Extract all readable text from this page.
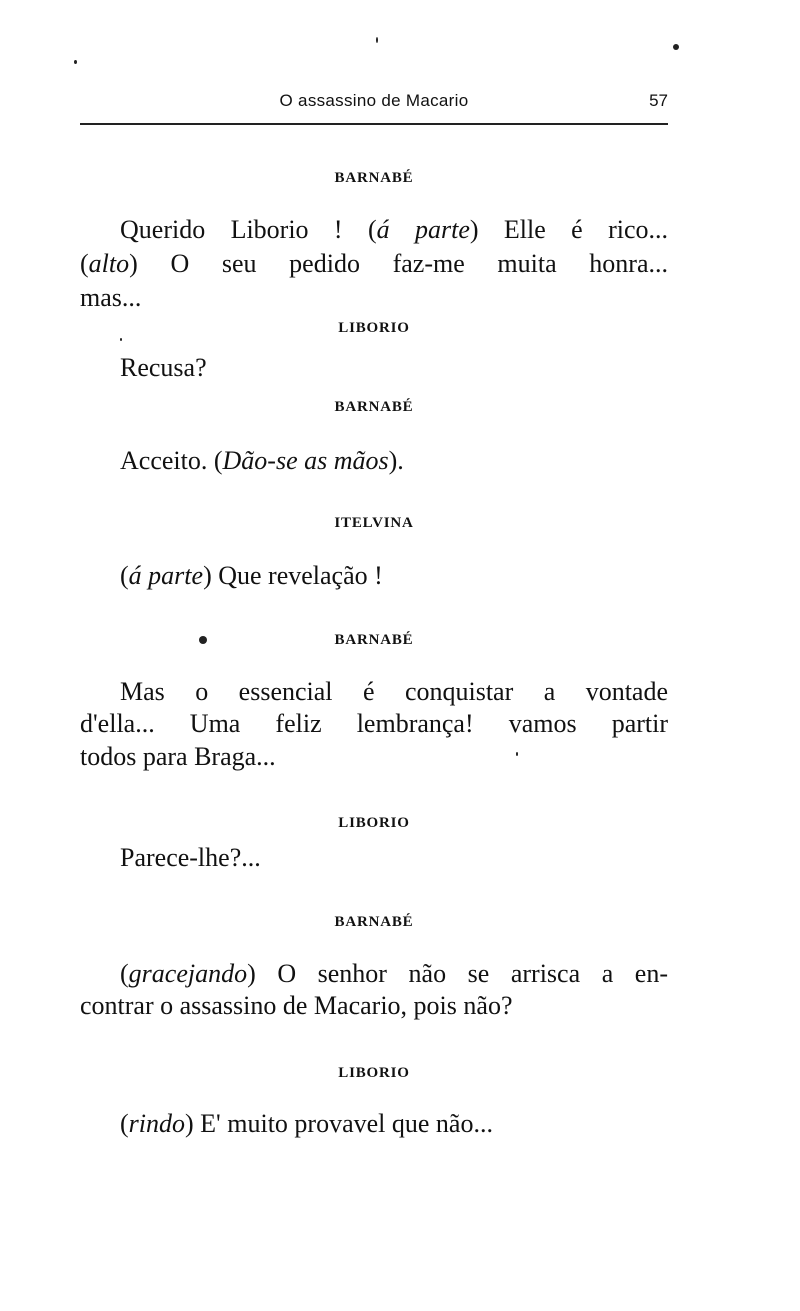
O assassino de Macario	57
BARNABÉ
Querido Liborio ! (á parte) Elle é rico...
(alto) O seu pedido faz-me muita honra...
mas...
LIBORIO
Recusa?
BARNABÉ
Acceito. (Dão-se as mãos).
ITELVINA
(á parte) Que revelação !
BARNABÉ
Mas o essencial é conquistar a vontade
d'ella... Uma feliz lembrança! vamos partir
todos para Braga...
LIBORIO
Parece-lhe?...
BARNABÉ
(gracejando) O senhor não se arrisca a en-
contrar o assassino de Macario, pois não?
LIBORIO
(rindo) E' muito provavel que não...
